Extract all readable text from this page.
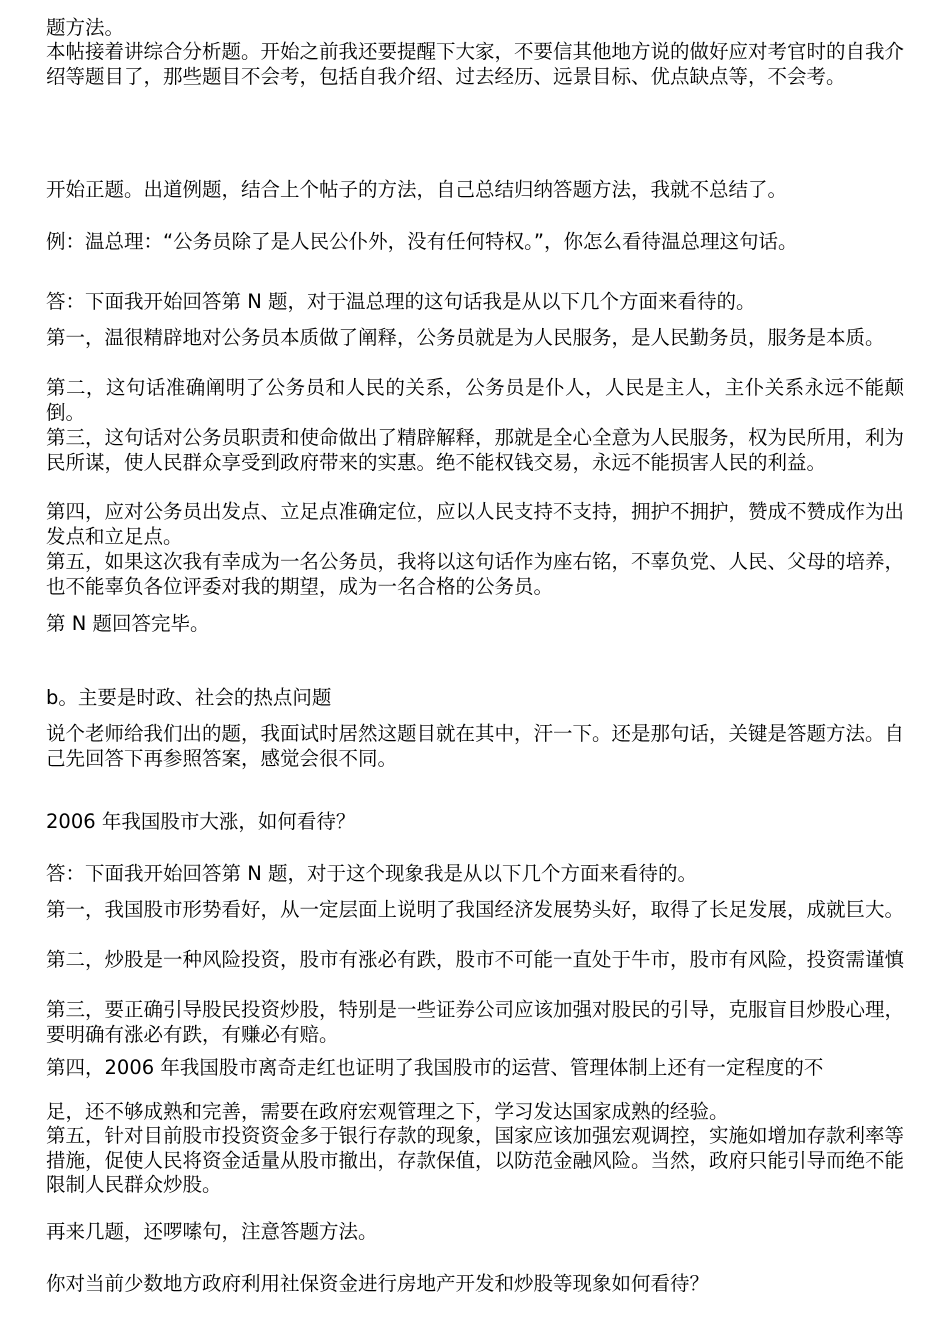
题方法。

本帖接着讲综合分析题。开始之前我还要提醒下大家，不要信其他地方说的做好应对考官时的自我介绍等题目了，那些题目不会考，包括自我介绍、过去经历、远景目标、优点缺点等，不会考。

开始正题。出道例题，结合上个帖子的方法，自己总结归纳答题方法，我就不总结了。

例：温总理：“公务员除了是人民公仆外，没有任何特权。”，你怎么看待温总理这句话。

答：下面我开始回答第 N 题，对于温总理的这句话我是从以下几个方面来看待的。

第一，温很精辟地对公务员本质做了阐释，公务员就是为人民服务，是人民勤务员，服务是本质。

第二，这句话准确阐明了公务员和人民的关系，公务员是仆人，人民是主人，主仆关系永远不能颠倒。

第三，这句话对公务员职责和使命做出了精辟解释，那就是全心全意为人民服务，权为民所用，利为民所谋，使人民群众享受到政府带来的实惠。绝不能权钱交易，永远不能损害人民的利益。

第四，应对公务员出发点、立足点准确定位，应以人民支持不支持，拥护不拥护，赞成不赞成作为出发点和立足点。

第五，如果这次我有幸成为一名公务员，我将以这句话作为座右铭，不辜负党、人民、父母的培养，也不能辜负各位评委对我的期望，成为一名合格的公务员。

第 N 题回答完毕。

b。主要是时政、社会的热点问题

说个老师给我们出的题，我面试时居然这题目就在其中，汗一下。还是那句话，关键是答题方法。自己先回答下再参照答案，感觉会很不同。

2006 年我国股市大涨，如何看待？

答：下面我开始回答第 N 题，对于这个现象我是从以下几个方面来看待的。

第一，我国股市形势看好，从一定层面上说明了我国经济发展势头好，取得了长足发展，成就巨大。

第二，炒股是一种风险投资，股市有涨必有跌，股市不可能一直处于牛市，股市有风险，投资需谨慎

第三，要正确引导股民投资炒股，特别是一些证券公司应该加强对股民的引导，克服盲目炒股心理，要明确有涨必有跌，有赚必有赔。

第四，2006 年我国股市离奇走红也证明了我国股市的运营、管理体制上还有一定程度的不

足，还不够成熟和完善，需要在政府宏观管理之下，学习发达国家成熟的经验。

第五，针对目前股市投资资金多于银行存款的现象，国家应该加强宏观调控，实施如增加存款利率等措施，促使人民将资金适量从股市撤出，存款保值，以防范金融风险。当然，政府只能引导而绝不能限制人民群众炒股。

再来几题，还啰嗦句，注意答题方法。

你对当前少数地方政府利用社保资金进行房地产开发和炒股等现象如何看待？
